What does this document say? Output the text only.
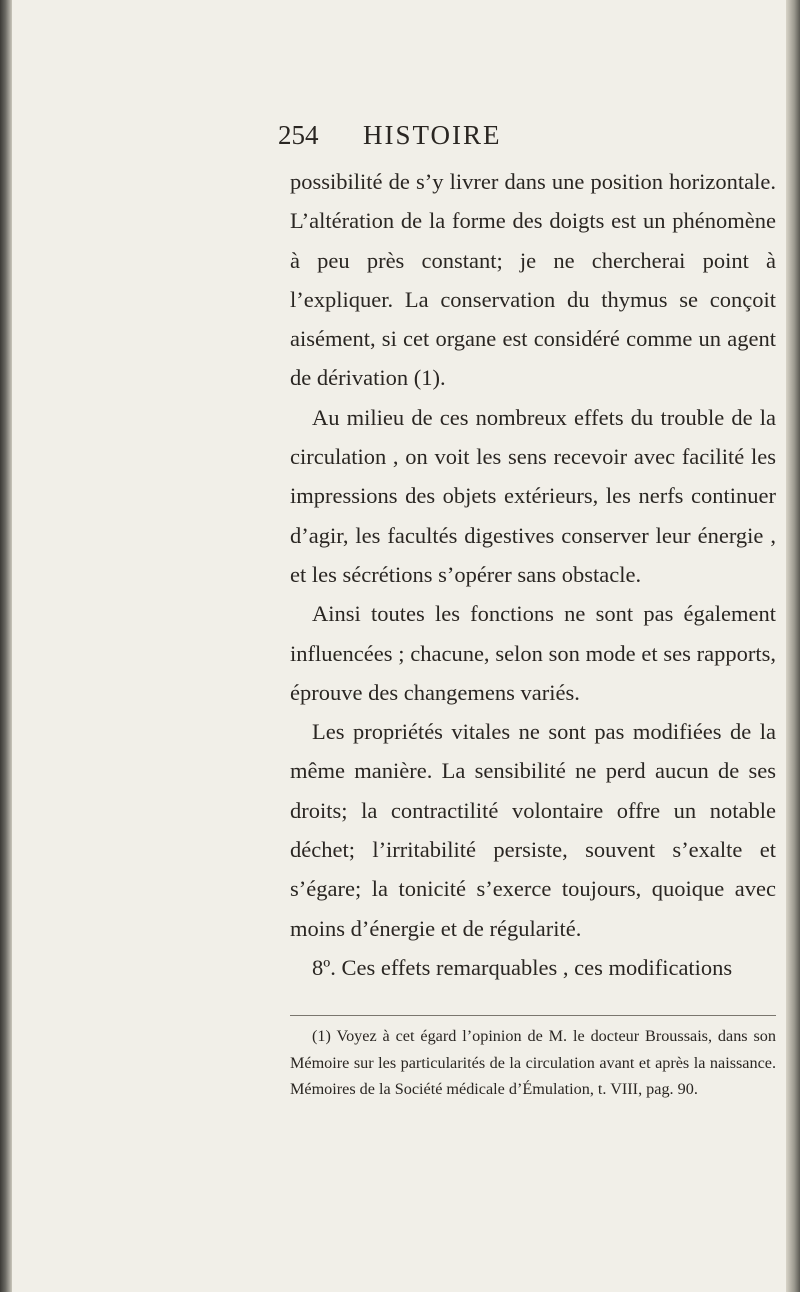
254 HISTOIRE

possibilité de s’y livrer dans une position horizontale. L’altération de la forme des doigts est un phénomène à peu près constant; je ne chercherai point à l’expliquer. La conservation du thymus se conçoit aisément, si cet organe est considéré comme un agent de dérivation (1).

Au milieu de ces nombreux effets du trouble de la circulation , on voit les sens recevoir avec facilité les impressions des objets extérieurs, les nerfs continuer d’agir, les facultés digestives conserver leur énergie , et les sécrétions s’opérer sans obstacle.

Ainsi toutes les fonctions ne sont pas également influencées ; chacune, selon son mode et ses rapports, éprouve des changemens variés.

Les propriétés vitales ne sont pas modifiées de la même manière. La sensibilité ne perd aucun de ses droits; la contractilité volontaire offre un notable déchet; l’irritabilité persiste, souvent s’exalte et s’égare; la tonicité s’exerce toujours, quoique avec moins d’énergie et de régularité.

8º. Ces effets remarquables , ces modifications

(1) Voyez à cet égard l’opinion de M. le docteur Broussais, dans son Mémoire sur les particularités de la circulation avant et après la naissance. Mémoires de la Société médicale d’Émulation, t. VIII, pag. 90.
